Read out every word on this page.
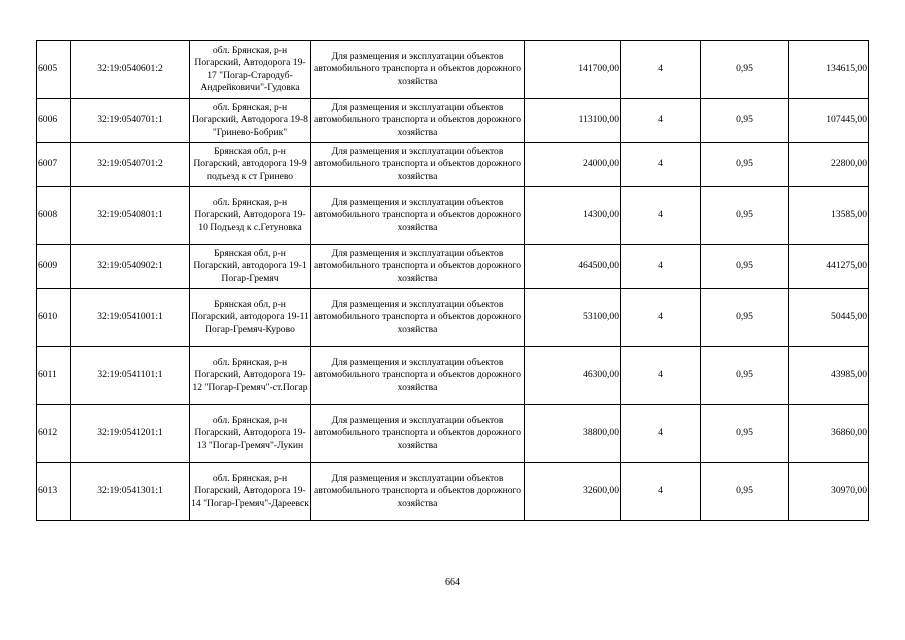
6005	32:19:0540601:2	обл. Брянская, р-н Погарский, Автодорога 19-17 "Погар-Стародуб-Андрейковичи"-Гудовка	Для размещения и эксплуатации объектов автомобильного транспорта и объектов дорожного хозяйства	141700,00	4	0,95	134615,00
6006	32:19:0540701:1	обл. Брянская, р-н Погарский, Автодорога 19-8 "Гринево-Бобрик"	Для размещения и эксплуатации объектов автомобильного транспорта и объектов дорожного хозяйства	113100,00	4	0,95	107445,00
6007	32:19:0540701:2	Брянская обл, р-н Погарский, автодорога 19-9 подъезд к ст Гринево	Для размещения и эксплуатации объектов автомобильного транспорта и объектов дорожного хозяйства	24000,00	4	0,95	22800,00
6008	32:19:0540801:1	обл. Брянская, р-н Погарский, Автодорога 19-10 Подъезд к с.Гетуновка	Для размещения и эксплуатации объектов автомобильного транспорта и объектов дорожного хозяйства	14300,00	4	0,95	13585,00
6009	32:19:0540902:1	Брянская обл, р-н Погарский, автодорога 19-1 Погар-Гремяч	Для размещения и эксплуатации объектов автомобильного транспорта и объектов дорожного хозяйства	464500,00	4	0,95	441275,00
6010	32:19:0541001:1	Брянская обл, р-н Погарский, автодорога 19-11 Погар-Гремяч-Курово	Для размещения и эксплуатации объектов автомобильного транспорта и объектов дорожного хозяйства	53100,00	4	0,95	50445,00
6011	32:19:0541101:1	обл. Брянская, р-н Погарский, Автодорога 19-12 "Погар-Гремяч"-ст.Погар	Для размещения и эксплуатации объектов автомобильного транспорта и объектов дорожного хозяйства	46300,00	4	0,95	43985,00
6012	32:19:0541201:1	обл. Брянская, р-н Погарский, Автодорога 19-13 "Погар-Гремяч"-Лукин	Для размещения и эксплуатации объектов автомобильного транспорта и объектов дорожного хозяйства	38800,00	4	0,95	36860,00
6013	32:19:0541301:1	обл. Брянская, р-н Погарский, Автодорога 19-14 "Погар-Гремяч"-Дареевск	Для размещения и эксплуатации объектов автомобильного транспорта и объектов дорожного хозяйства	32600,00	4	0,95	30970,00
664
